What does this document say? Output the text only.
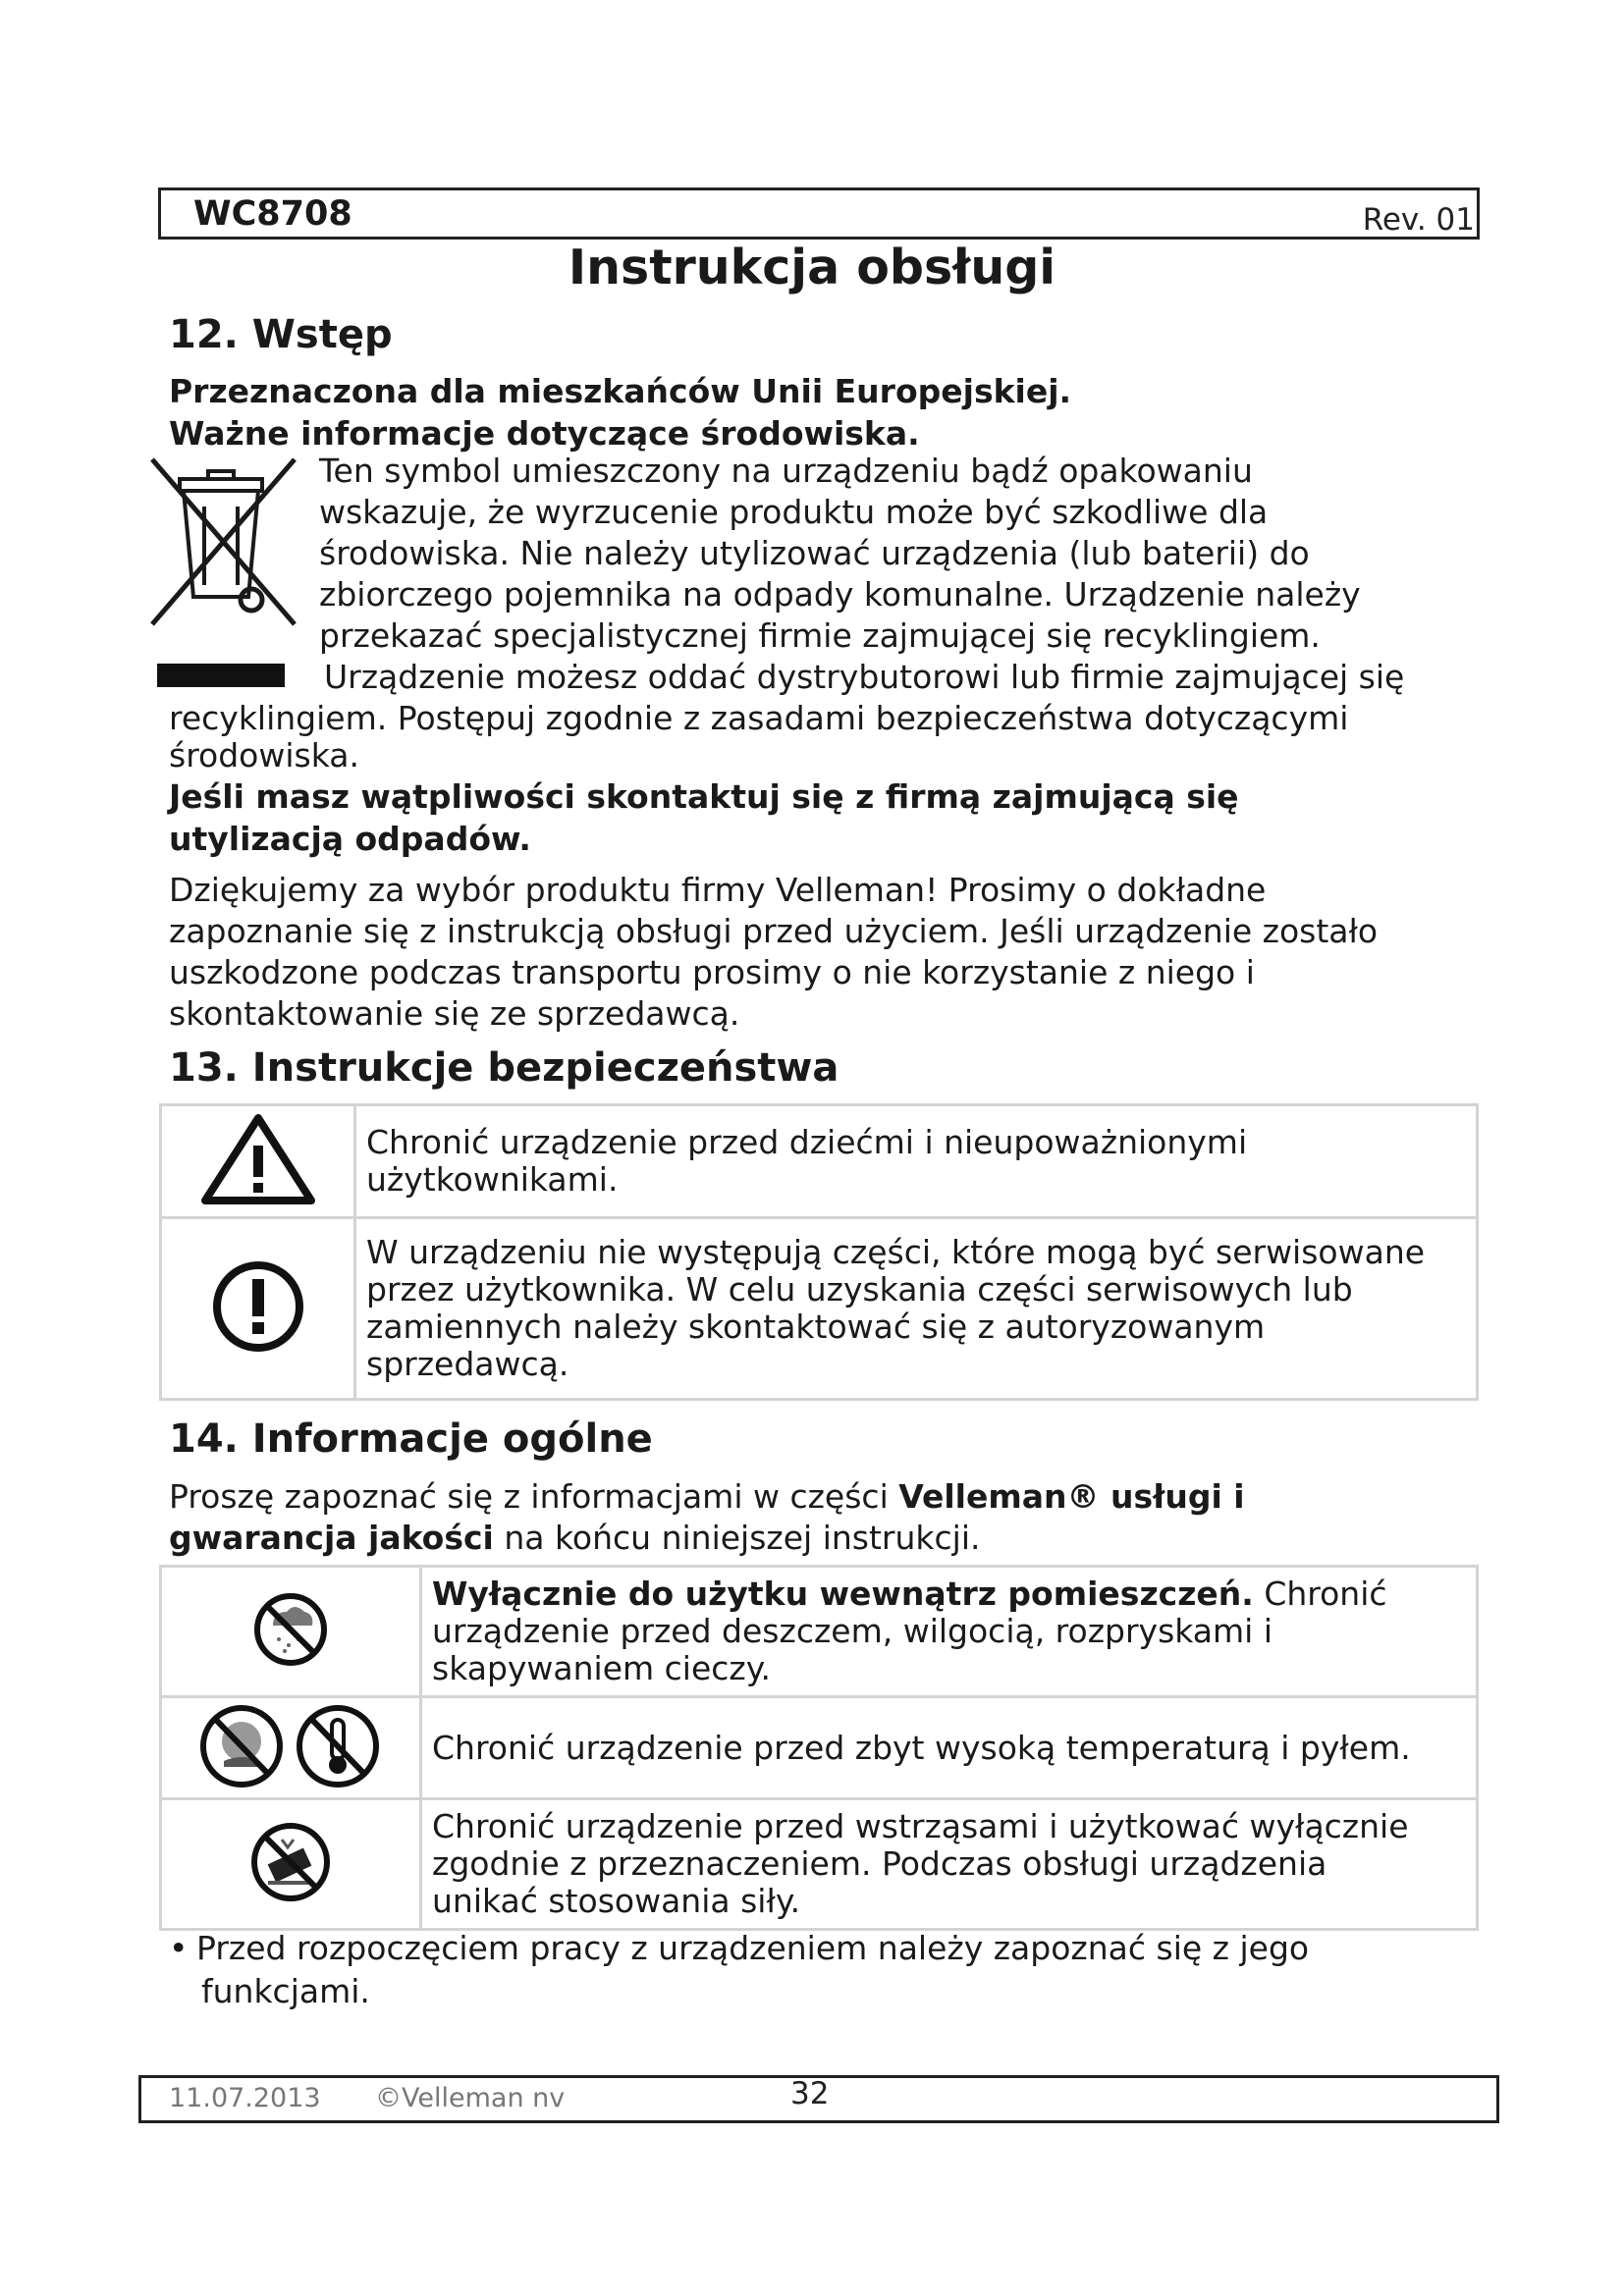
WC8708	Rev. 01
Instrukcja obsługi
12. Wstęp
Przeznaczona dla mieszkańców Unii Europejskiej.
Ważne informacje dotyczące środowiska.
Ten symbol umieszczony na urządzeniu bądź opakowaniu
wskazuje, że wyrzucenie produktu może być szkodliwe dla
środowiska. Nie należy utylizować urządzenia (lub baterii) do
zbiorczego pojemnika na odpady komunalne. Urządzenie należy
przekazać specjalistycznej firmie zajmującej się recyklingiem.
Urządzenie możesz oddać dystrybutorowi lub firmie zajmującej się
recyklingiem. Postępuj zgodnie z zasadami bezpieczeństwa dotyczącymi
środowiska.
Jeśli masz wątpliwości skontaktuj się z firmą zajmującą się
utylizacją odpadów.
Dziękujemy za wybór produktu firmy Velleman! Prosimy o dokładne
zapoznanie się z instrukcją obsługi przed użyciem. Jeśli urządzenie zostało
uszkodzone podczas transportu prosimy o nie korzystanie z niego i
skontaktowanie się ze sprzedawcą.
13. Instrukcje bezpieczeństwa

Chronić urządzenie przed dziećmi i nieupoważnionymi
użytkownikami.

W urządzeniu nie występują części, które mogą być serwisowane
przez użytkownika. W celu uzyskania części serwisowych lub
zamiennych należy skontaktować się z autoryzowanym
sprzedawcą.
14. Informacje ogólne
Proszę zapoznać się z informacjami w części Velleman® usługi i
gwarancja jakości na końcu niniejszej instrukcji.

Wyłącznie do użytku wewnątrz pomieszczeń. Chronić
urządzenie przed deszczem, wilgocią, rozpryskami i
skapywaniem cieczy.

Chronić urządzenie przed zbyt wysoką temperaturą i pyłem.

Chronić urządzenie przed wstrząsami i użytkować wyłącznie
zgodnie z przeznaczeniem. Podczas obsługi urządzenia
unikać stosowania siły.
• Przed rozpoczęciem pracy z urządzeniem należy zapoznać się z jego
funkcjami.
11.07.2013 ©Velleman nv	32
